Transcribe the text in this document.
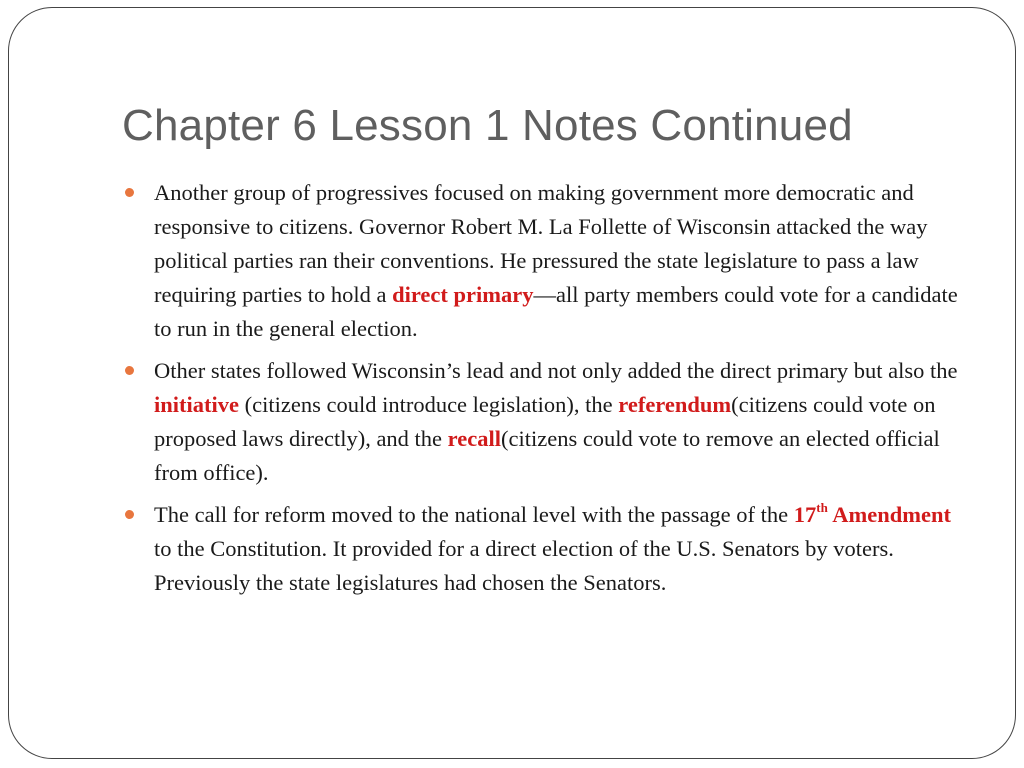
Chapter 6 Lesson 1 Notes Continued
Another group of progressives focused on making government more democratic and responsive to citizens. Governor Robert M. La Follette of Wisconsin attacked the way political parties ran their conventions. He pressured the state legislature to pass a law requiring parties to hold a direct primary—all party members could vote for a candidate to run in the general election.
Other states followed Wisconsin’s lead and not only added the direct primary but also the initiative (citizens could introduce legislation), the referendum(citizens could vote on proposed laws directly), and the recall(citizens could vote to remove an elected official from office).
The call for reform moved to the national level with the passage of the 17th Amendment to the Constitution. It provided for a direct election of the U.S. Senators by voters. Previously the state legislatures had chosen the Senators.
